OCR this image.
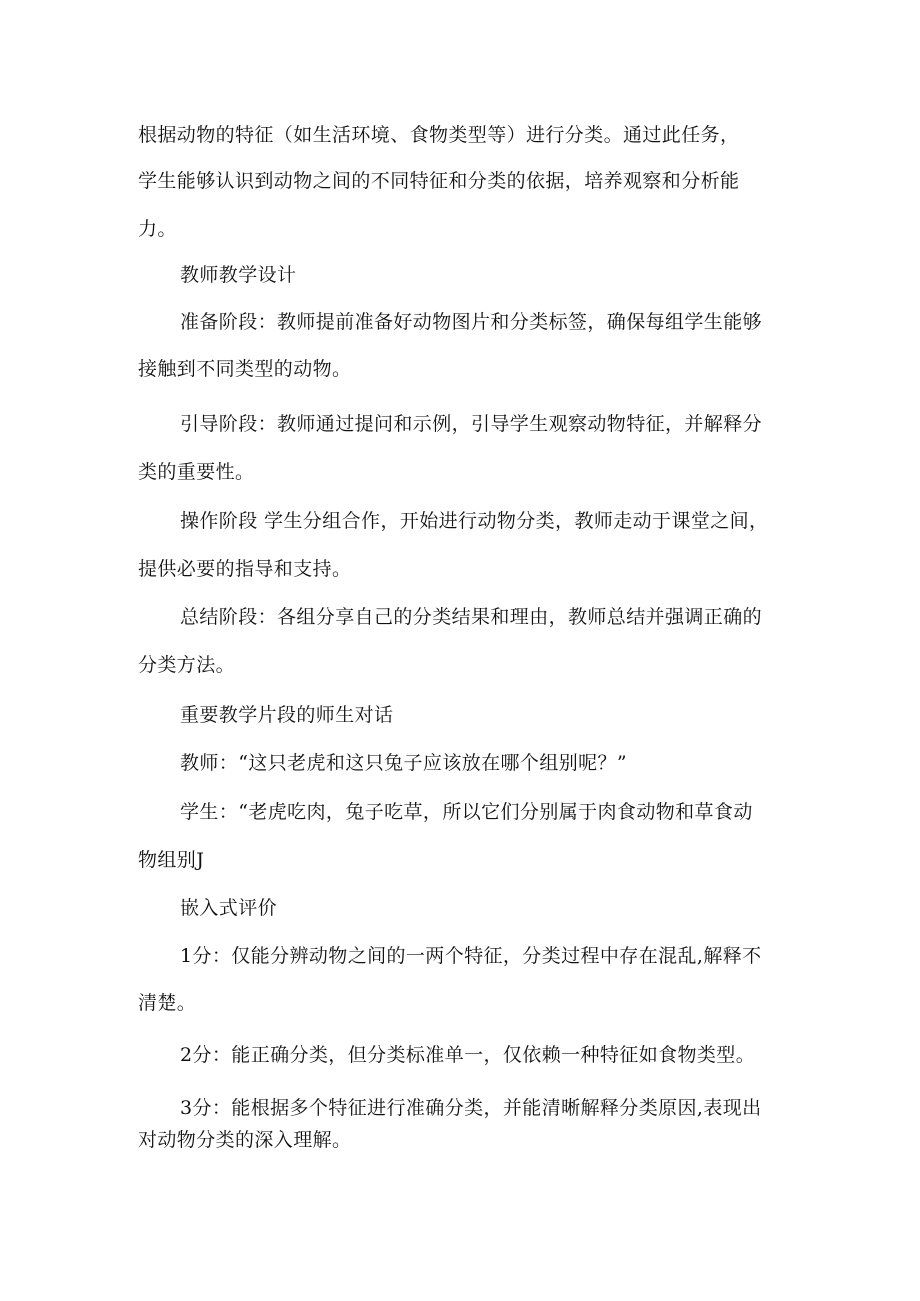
根据动物的特征（如生活环境、食物类型等）进行分类。通过此任务，
学生能够认识到动物之间的不同特征和分类的依据，培养观察和分析能
力。
教师教学设计
准备阶段：教师提前准备好动物图片和分类标签，确保每组学生能够
接触到不同类型的动物。
引导阶段：教师通过提问和示例，引导学生观察动物特征，并解释分
类的重要性。
操作阶段 学生分组合作，开始进行动物分类，教师走动于课堂之间，
提供必要的指导和支持。
总结阶段：各组分享自己的分类结果和理由，教师总结并强调正确的
分类方法。
重要教学片段的师生对话
教师：“这只老虎和这只兔子应该放在哪个组别呢？”
学生：“老虎吃肉，兔子吃草，所以它们分别属于肉食动物和草食动
物组别J
嵌入式评价
1分：仅能分辨动物之间的一两个特征，分类过程中存在混乱,解释不
清楚。
2分：能正确分类，但分类标准单一，仅依赖一种特征如食物类型。
3分：能根据多个特征进行准确分类，并能清晰解释分类原因,表现出
对动物分类的深入理解。
